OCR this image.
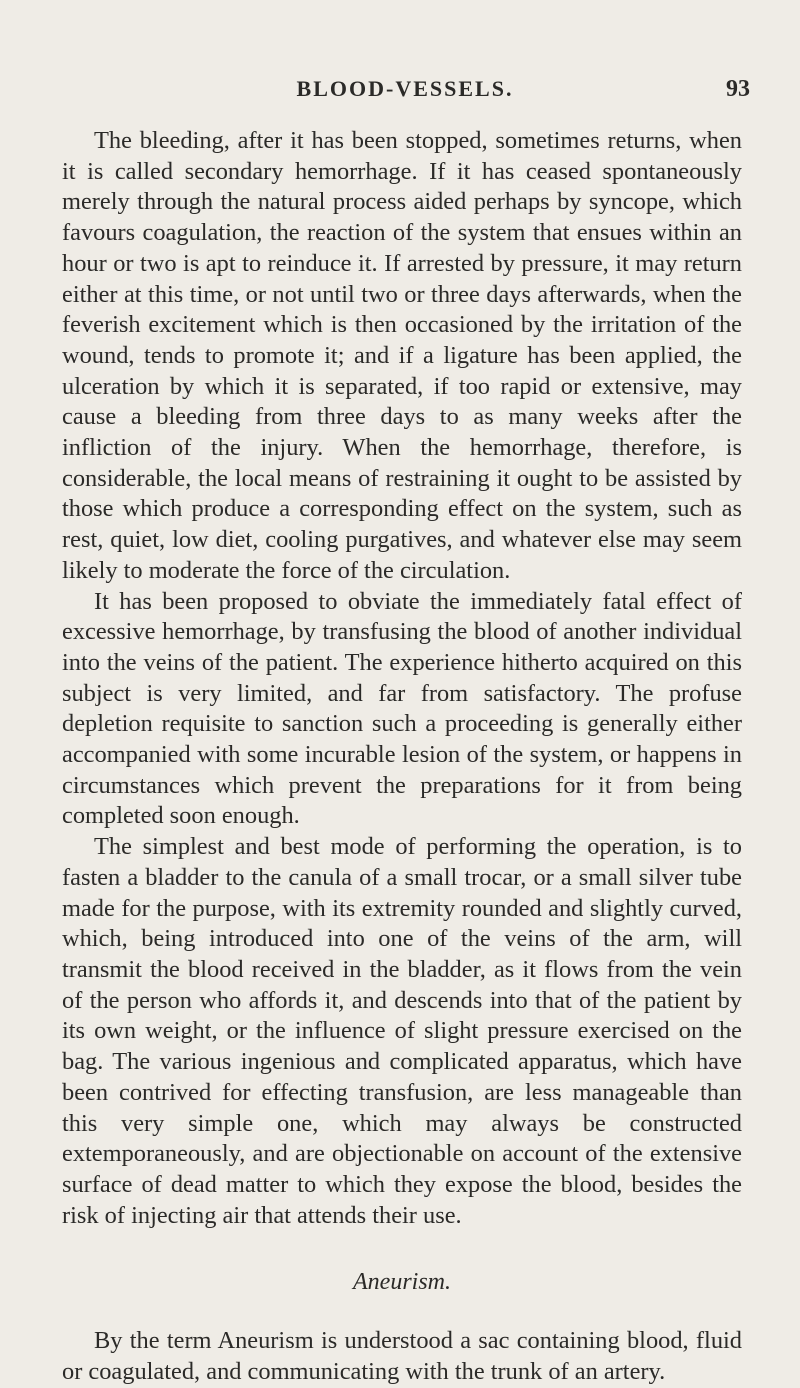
BLOOD-VESSELS.	93

The bleeding, after it has been stopped, sometimes returns, when it is called secondary hemorrhage. If it has ceased spontaneously merely through the natural process aided perhaps by syncope, which favours coagulation, the reaction of the system that ensues within an hour or two is apt to reinduce it. If arrested by pressure, it may return either at this time, or not until two or three days afterwards, when the feverish excitement which is then occasioned by the irritation of the wound, tends to promote it; and if a ligature has been applied, the ulceration by which it is separated, if too rapid or extensive, may cause a bleeding from three days to as many weeks after the infliction of the injury. When the hemorrhage, therefore, is considerable, the local means of restraining it ought to be assisted by those which produce a corresponding effect on the system, such as rest, quiet, low diet, cooling purgatives, and whatever else may seem likely to moderate the force of the circulation.

It has been proposed to obviate the immediately fatal effect of excessive hemorrhage, by transfusing the blood of another individual into the veins of the patient. The experience hitherto acquired on this subject is very limited, and far from satisfactory. The profuse depletion requisite to sanction such a proceeding is generally either accompanied with some incurable lesion of the system, or happens in circumstances which prevent the preparations for it from being completed soon enough.

The simplest and best mode of performing the operation, is to fasten a bladder to the canula of a small trocar, or a small silver tube made for the purpose, with its extremity rounded and slightly curved, which, being introduced into one of the veins of the arm, will transmit the blood received in the bladder, as it flows from the vein of the person who affords it, and descends into that of the patient by its own weight, or the influence of slight pressure exercised on the bag. The various ingenious and complicated apparatus, which have been contrived for effecting transfusion, are less manageable than this very simple one, which may always be constructed extemporaneously, and are objectionable on account of the extensive surface of dead matter to which they expose the blood, besides the risk of injecting air that attends their use.

Aneurism.

By the term Aneurism is understood a sac containing blood, fluid or coagulated, and communicating with the trunk of an artery.
